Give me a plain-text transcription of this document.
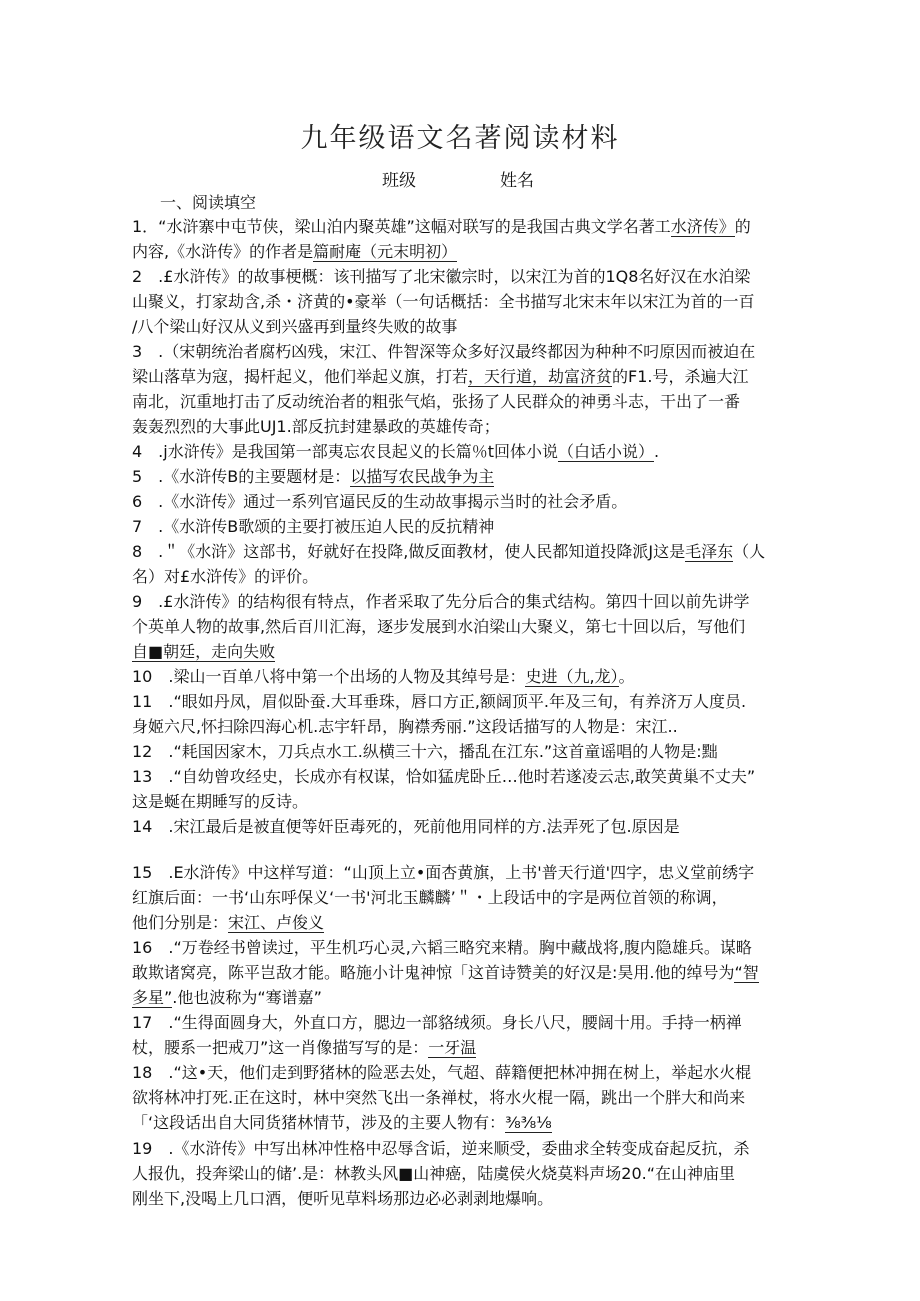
九年级语文名著阅读材料
班级	姓名
一、阅读填空
1．“水浒寨中屯节侠，梁山泊内聚英雄”这幅对联写的是我国古典文学名著工水济传》的
内容,《水浒传》的作者是篇耐庵（元末明初）
2　.£水浒传》的故事梗概：该刊描写了北宋徽宗时，以宋江为首的1Q8名好汉在水泊梁
山聚义，打家劫含,杀・济黄的•豪举（一句话概括：全书描写北宋末年以宋江为首的一百
/八个梁山好汉从义到兴盛再到量终失败的故事
3　.（宋朝统治者腐朽凶残，宋江、件智深等众多好汉最终都因为种种不叼原因而被迫在
梁山落草为寇，揭杆起义，他们举起义旗，打若，天行道，劫富济贫的F1.号，杀遍大江
南北，沉重地打击了反动统治者的粗张气焰，张扬了人民群众的神勇斗志，干出了一番
轰轰烈烈的大事此UJ1.部反抗封建暴政的英雄传奇；
4　.j水浒传》是我国第一部夷忘农艮起义的长篇％t回体小说（白话小说）.
5　.《水浒传B的主要题材是：以描写农民战争为主
6　.《水浒传》通过一系列官逼民反的生动故事揭示当时的社会矛盾。
7　.《水浒传B歌颂的主要打被压迫人民的反抗精神
8　.＂《水浒》这部书，好就好在投降,做反面教材，使人民都知道投降派J这是毛泽东（人
名）对£水浒传》的评价。
9　.£水浒传》的结构很有特点，作者采取了先分后合的集式结构。第四十回以前先讲学
个英单人物的故事,然后百川汇海，逐步发展到水泊梁山大聚义，第七十回以后，写他们
自■朝廷，走向失败
10　.梁山一百单八将中第一个出场的人物及其绰号是：史进（九,龙）。
11　.“眼如丹凤，眉似卧蚕.大耳垂珠，唇口方正,额阔顶平.年及三旬，有养济万人度员.
身姬六尺,怀扫除四海心机.志宇轩昂，胸襟秀丽.”这段话描写的人物是：宋江..
12　.“耗国因家木，刀兵点水工.纵横三十六，播乱在江东.”这首童谣唱的人物是:黜
13　.“自幼曾攻经史，长成亦有权谋，恰如猛虎卧丘…他时若遂凌云志,敢笑黄巢不丈夫”
这是蜒在期睡写的反诗。
14　.宋江最后是被直便等奸臣毒死的，死前他用同样的方.法弄死了包.原因是
15　.E水浒传》中这样写道：“山顶上立•面杏黄旗，上书'普天行道'四字，忠义堂前绣字
红旗后面：一书‘山东呼保义‘一书'河北玉麟麟’＂・上段话中的字是两位首领的称调，
他们分别是：宋江、卢俊义
16　.“万卷经书曾读过，平生机巧心灵,六韬三略究来精。胸中藏战将,腹内隐雄兵。谋略
敢欺诸窝亮，陈平岂敌才能。略施小计鬼神惊「这首诗赞美的好汉是:昊用.他的绰号为“智
多星”.他也波称为“骞谱嘉”
17　.“生得面圆身大，外直口方，腮边一部貉绒须。身长八尺，腰阔十用。手持一柄禅
杖，腰系一把戒刀”这一肖像描写写的是：一牙温
18　.“这•天，他们走到野猪林的险恶去处，气超、薛籍便把林冲拥在树上，举起水火棍
欲将林冲打死.正在这时，林中突然飞出一条禅杖，将水火棍一隔，跳出一个胖大和尚来
「‘这段话出自大同货猪林情节，涉及的主要人物有：⅜⅜⅛
19　.《水浒传》中写出林冲性格中忍辱含诟，逆来顺受，委曲求全转变成奋起反抗，杀
人报仇，投奔梁山的储’.是：林教头风■山神癌，陆虞侯火烧莫料声场20.“在山神庙里
刚坐下,没喝上几口酒，便听见草料场那边必必剥剥地爆响。
